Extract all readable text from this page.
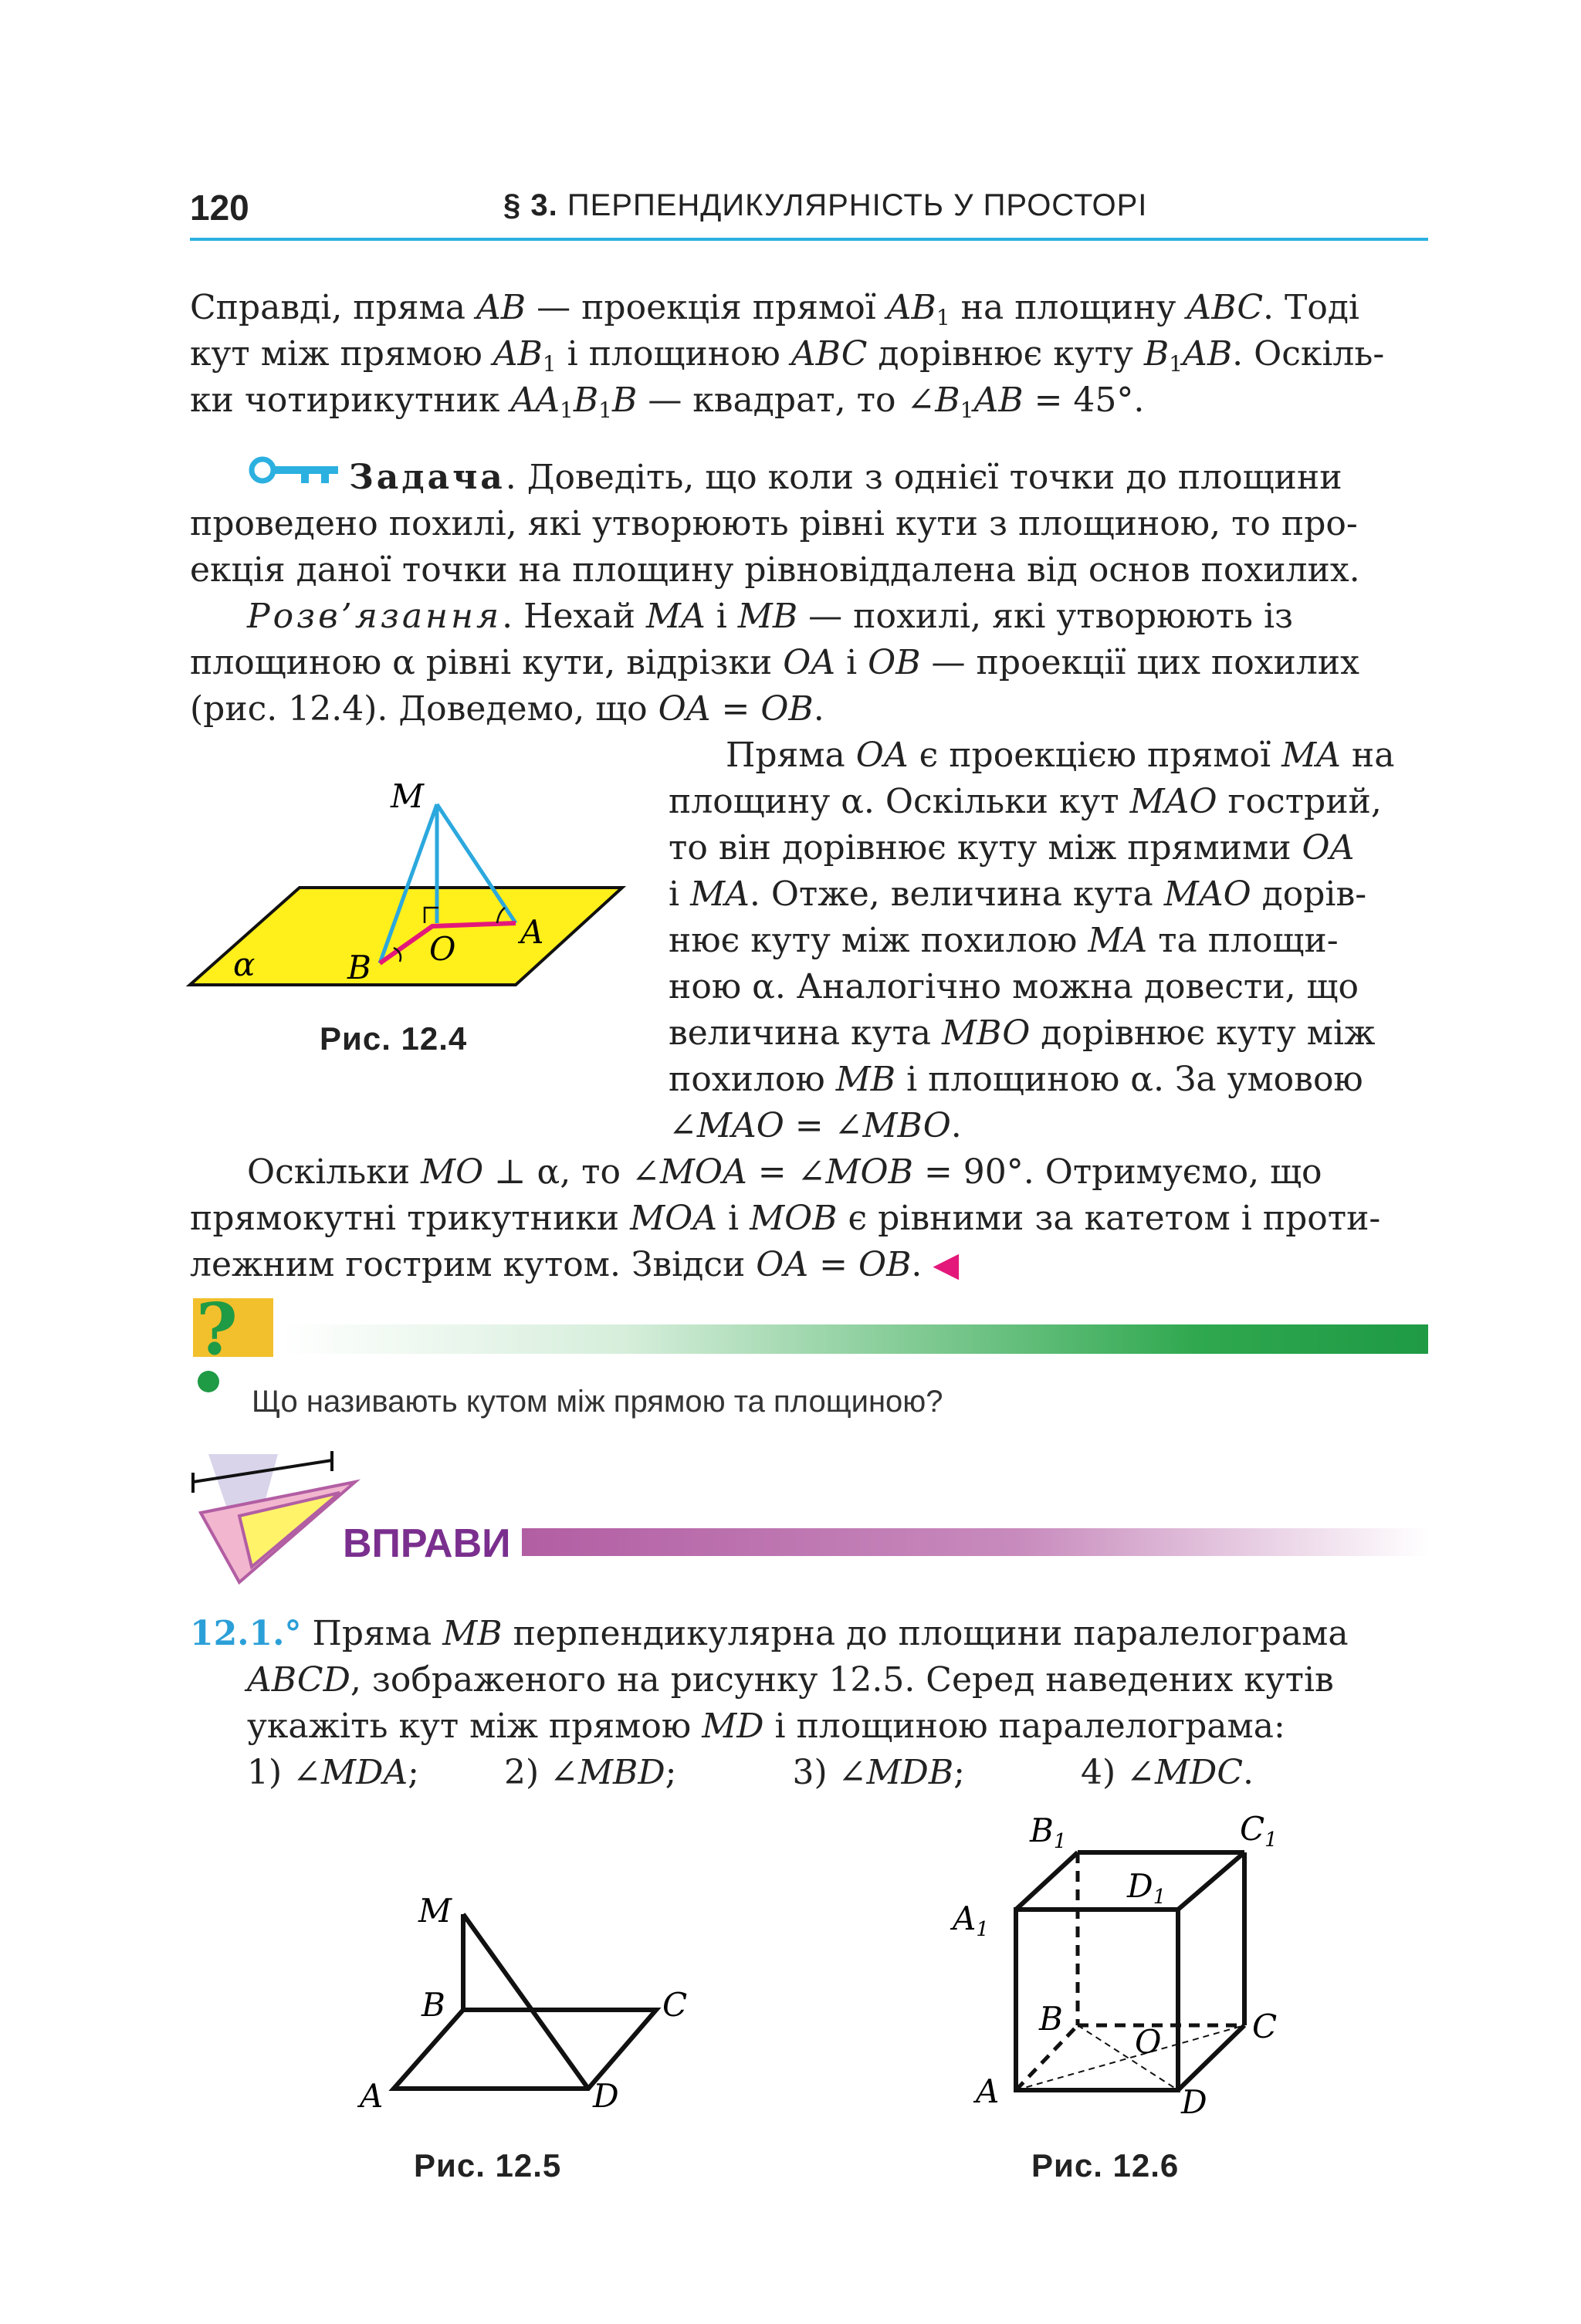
120	§ 3. ПЕРПЕНДИКУЛЯРНІСТЬ У ПРОСТОРІ
Справді, пряма AB — проекція прямої $AB_1$ на площину ABC. Тоді
кут між прямою $AB_1$ і площиною ABC дорівнює куту $B_1AB$. Оскіль-
ки чотирикутник $AA_1B_1B$ — квадрат, то $\angle B_1AB = 45^\circ$.
Задача. Доведіть, що коли з однієї точки до площини
проведено похилі, які утворюють рівні кути з площиною, то про-
екція даної точки на площину рівновіддалена від основ похилих.
Розв’язання. Нехай MA і MB — похилі, які утворюють із
площиною α рівні кути, відрізки OA і OB — проекції цих похилих
(рис. 12.4). Доведемо, що OA = OB.
Пряма OA є проекцією прямої MA на
площину α. Оскільки кут MAO гострий,
то він дорівнює куту між прямими OA
і MA. Отже, величина кута MAO дорів-
нює куту між похилою MA та площи-
ною α. Аналогічно можна довести, що
величина кута MBO дорівнює куту між
похилою MB і площиною α. За умовою
∠MAO = ∠MBO.
M
O A
B
α
Рис. 12.4
Оскільки MO ⊥ α, то ∠MOA = ∠MOB = 90°. Отримуємо, що
прямокутні трикутники MOA і MOB є рівними за катетом і проти-
лежним гострим кутом. Звідси OA = OB. ◀
?
Що називають кутом між прямою та площиною?
ВПРАВИ
12.1.° Пряма MB перпендикулярна до площини паралелограма
ABCD, зображеного на рисунку 12.5. Серед наведених кутів
укажіть кут між прямою MD і площиною паралелограма:
1) ∠MDA;	2) ∠MBD;	3) ∠MDB;	4) ∠MDC.
M
B	C
A	D
Рис. 12.5
B1	C1
D1
A1
B	C
O
A	D
Рис. 12.6
